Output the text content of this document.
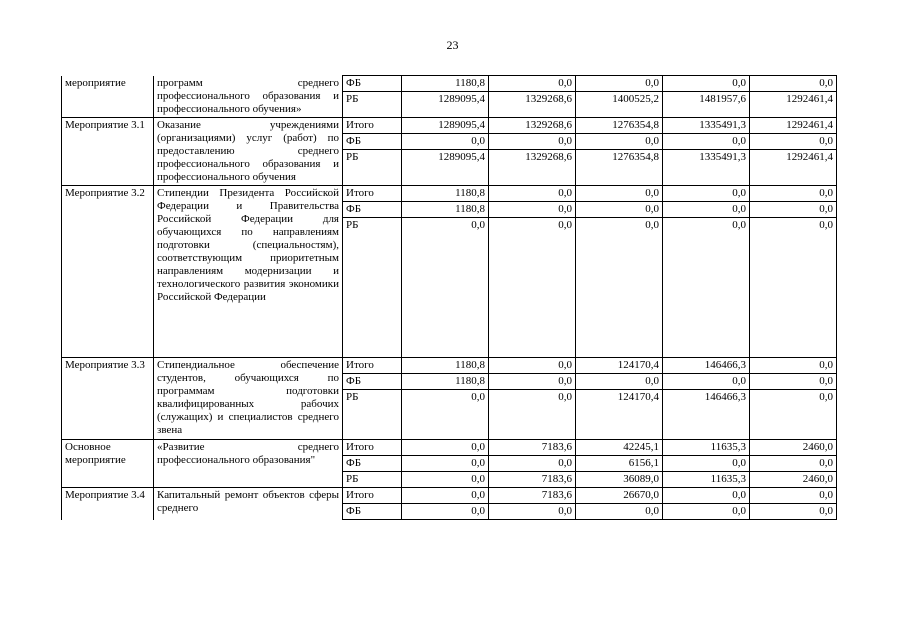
23
мероприятие	программ среднего профессионального образования и профессионального обучения»	ФБ	1180,8	0,0	0,0	0,0	0,0
		РБ	1289095,4	1329268,6	1400525,2	1481957,6	1292461,4
Мероприятие 3.1	Оказание учреждениями (организациями) услуг (работ) по предоставлению среднего профессионального образования и профессионального обучения	Итого	1289095,4	1329268,6	1276354,8	1335491,3	1292461,4
		ФБ	0,0	0,0	0,0	0,0	0,0
		РБ	1289095,4	1329268,6	1276354,8	1335491,3	1292461,4
Мероприятие 3.2	Стипендии Президента Российской Федерации и Правительства Российской Федерации для обучающихся по направлениям подготовки (специальностям), соответствующим приоритетным направлениям модернизации и технологического развития экономики Российской Федерации	Итого	1180,8	0,0	0,0	0,0	0,0
		ФБ	1180,8	0,0	0,0	0,0	0,0
		РБ	0,0	0,0	0,0	0,0	0,0
Мероприятие 3.3	Стипендиальное обеспечение студентов, обучающихся по программам подготовки квалифицированных рабочих (служащих) и специалистов среднего звена	Итого	1180,8	0,0	124170,4	146466,3	0,0
		ФБ	1180,8	0,0	0,0	0,0	0,0
		РБ	0,0	0,0	124170,4	146466,3	0,0
Основное мероприятие	«Развитие среднего профессионального образования"	Итого	0,0	7183,6	42245,1	11635,3	2460,0
		ФБ	0,0	0,0	6156,1	0,0	0,0
		РБ	0,0	7183,6	36089,0	11635,3	2460,0
Мероприятие 3.4	Капитальный ремонт объектов сферы среднего	Итого	0,0	7183,6	26670,0	0,0	0,0
		ФБ	0,0	0,0	0,0	0,0	0,0
